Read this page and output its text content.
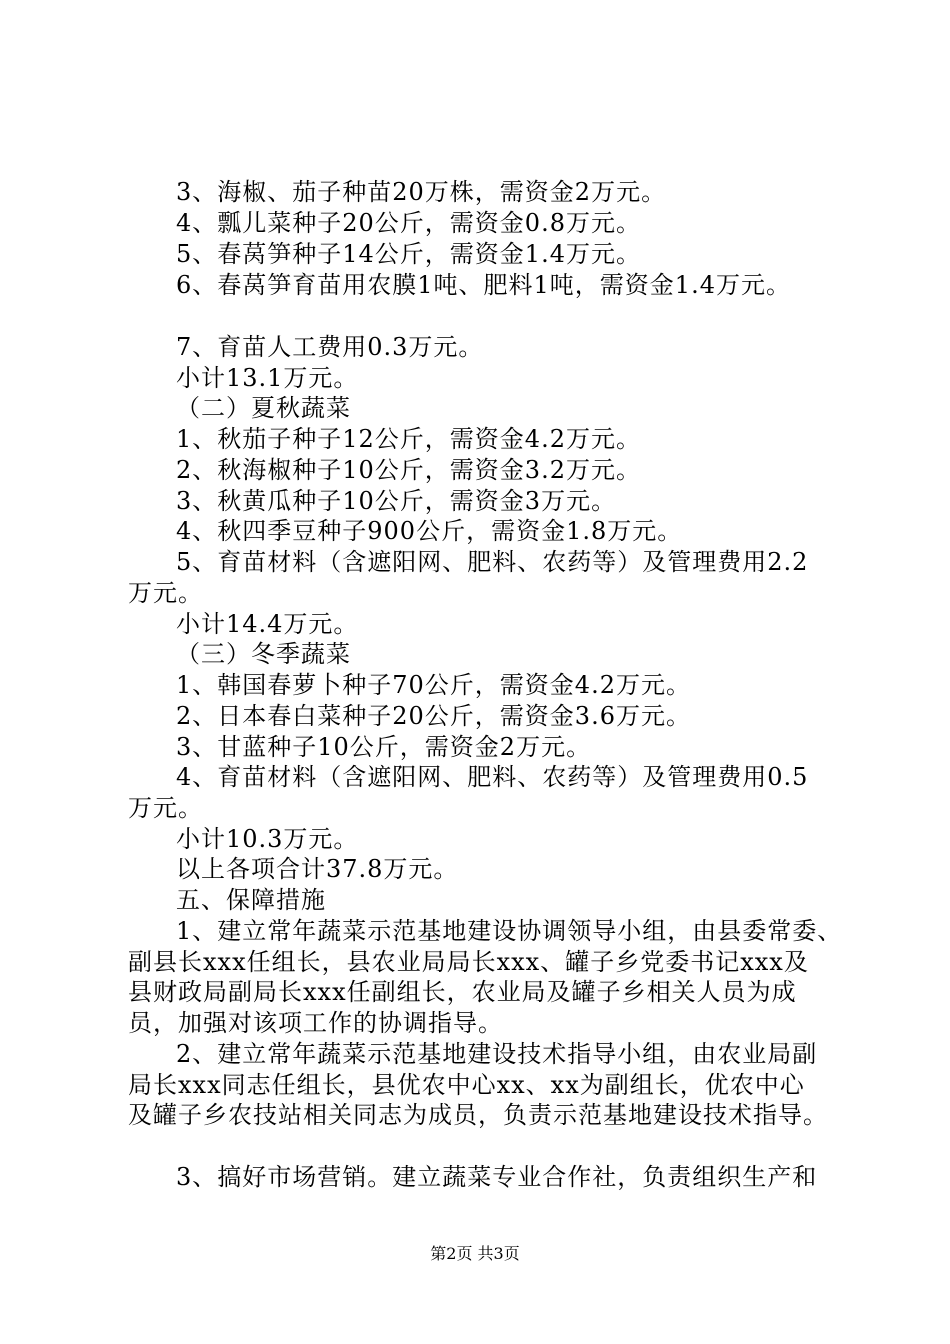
3、海椒、茄子种苗20万株，需资金2万元。
4、瓢儿菜种子20公斤，需资金0.8万元。
5、春莴笋种子14公斤，需资金1.4万元。
6、春莴笋育苗用农膜1吨、肥料1吨，需资金1.4万元。
7、育苗人工费用0.3万元。
小计13.1万元。
（二）夏秋蔬菜
1、秋茄子种子12公斤，需资金4.2万元。
2、秋海椒种子10公斤，需资金3.2万元。
3、秋黄瓜种子10公斤，需资金3万元。
4、秋四季豆种子900公斤，需资金1.8万元。
5、育苗材料（含遮阳网、肥料、农药等）及管理费用2.2
万元。
小计14.4万元。
（三）冬季蔬菜
1、韩国春萝卜种子70公斤，需资金4.2万元。
2、日本春白菜种子20公斤，需资金3.6万元。
3、甘蓝种子10公斤，需资金2万元。
4、育苗材料（含遮阳网、肥料、农药等）及管理费用0.5
万元。
小计10.3万元。
以上各项合计37.8万元。
五、保障措施
1、建立常年蔬菜示范基地建设协调领导小组，由县委常委、
副县长xxx任组长，县农业局局长xxx、罐子乡党委书记xxx及
县财政局副局长xxx任副组长，农业局及罐子乡相关人员为成
员，加强对该项工作的协调指导。
2、建立常年蔬菜示范基地建设技术指导小组，由农业局副
局长xxx同志任组长，县优农中心xx、xx为副组长，优农中心
及罐子乡农技站相关同志为成员，负责示范基地建设技术指导。
3、搞好市场营销。建立蔬菜专业合作社，负责组织生产和
第2页 共3页
